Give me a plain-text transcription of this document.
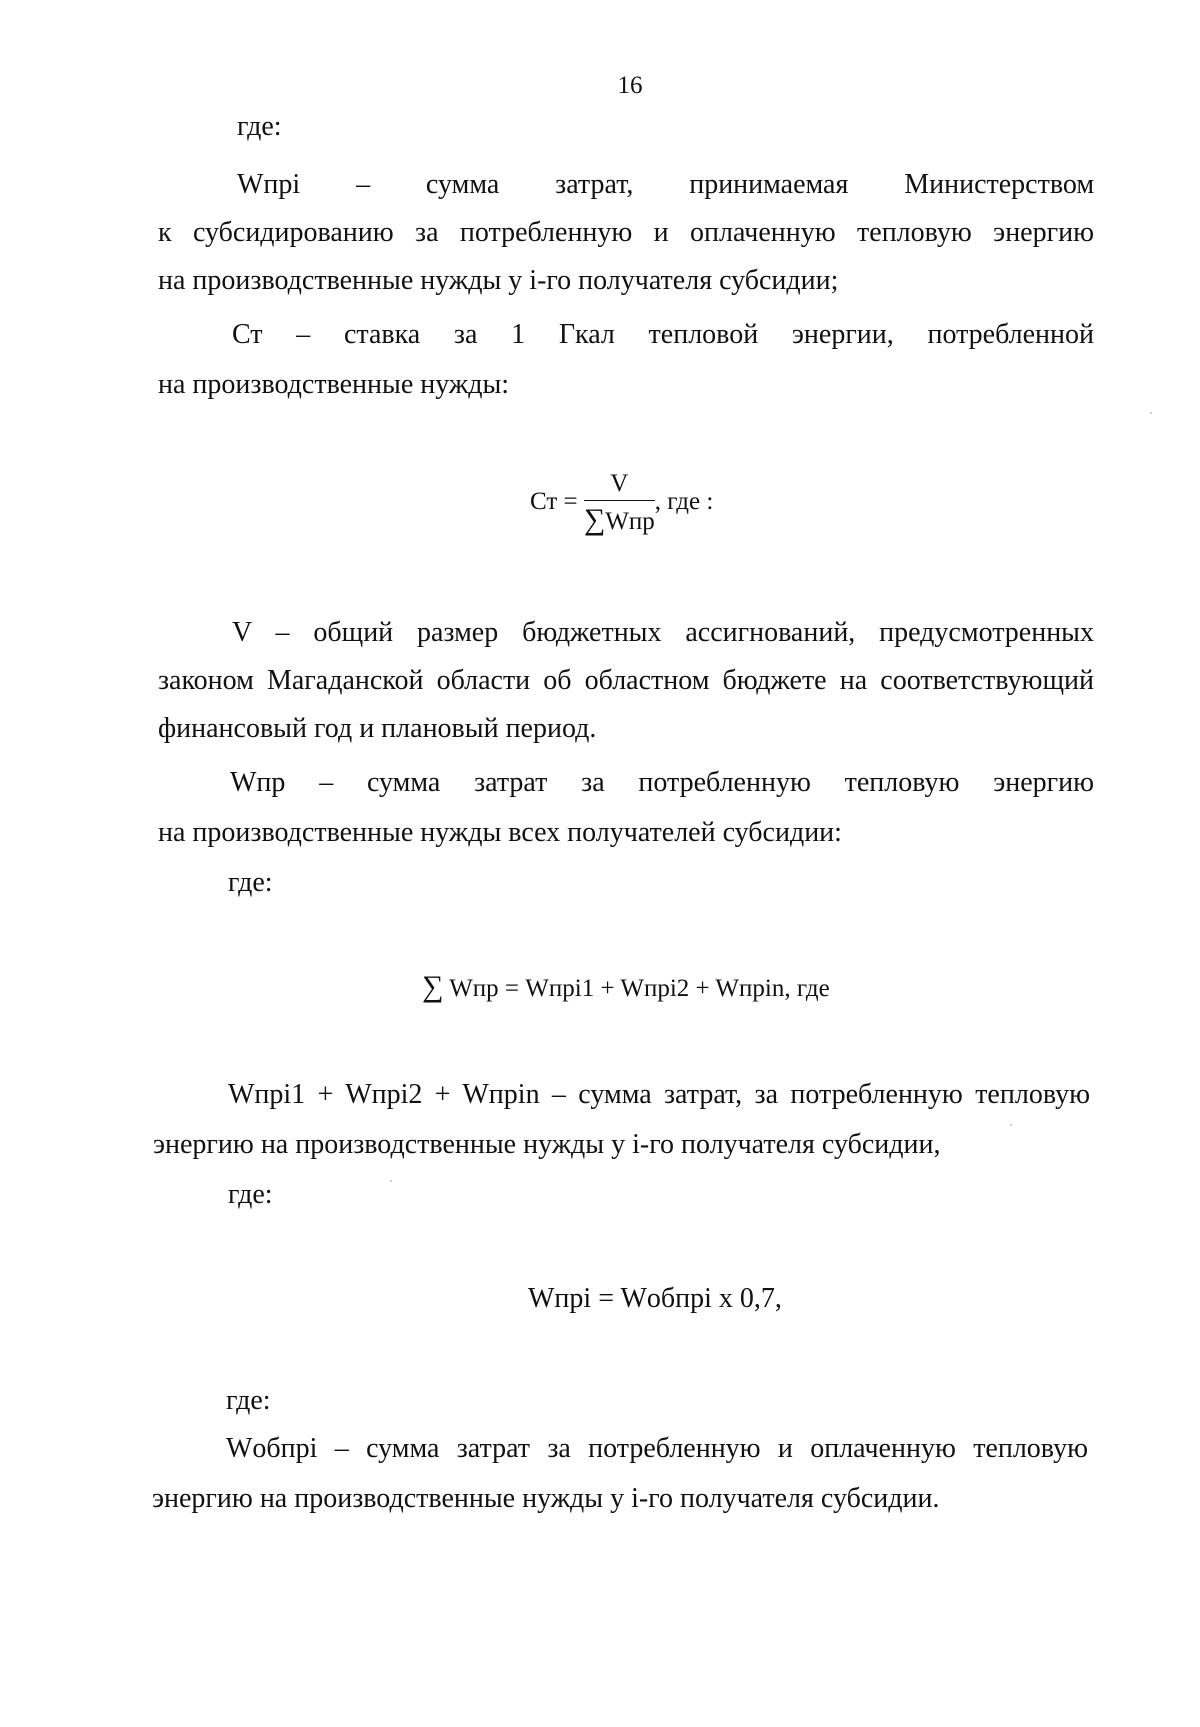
16
где:
Wпрi – сумма затрат, принимаемая Министерством
к субсидированию за потребленную и оплаченную тепловую энергию
на производственные нужды у i-го получателя субсидии;
Ст – ставка за 1 Гкал тепловой энергии, потребленной
на производственные нужды:
Ст = $\frac{V}{\text{∑Wпр}}$ , где :
V – общий размер бюджетных ассигнований, предусмотренных
законом Магаданской области об областном бюджете на соответствующий
финансовый год и плановый период.
Wпр – сумма затрат за потребленную тепловую энергию
на производственные нужды всех получателей субсидии:
где:
∑ Wпр = Wпрi1 + Wпрi2 + Wпрin, где
Wпрi1 + Wпрi2 + Wпрin – сумма затрат, за потребленную тепловую
энергию на производственные нужды у i-го получателя субсидии,
где:
Wпрi = Wобпрi x 0,7,
где:
Wобпрi – сумма затрат за потребленную и оплаченную тепловую
энергию на производственные нужды у i-го получателя субсидии.
